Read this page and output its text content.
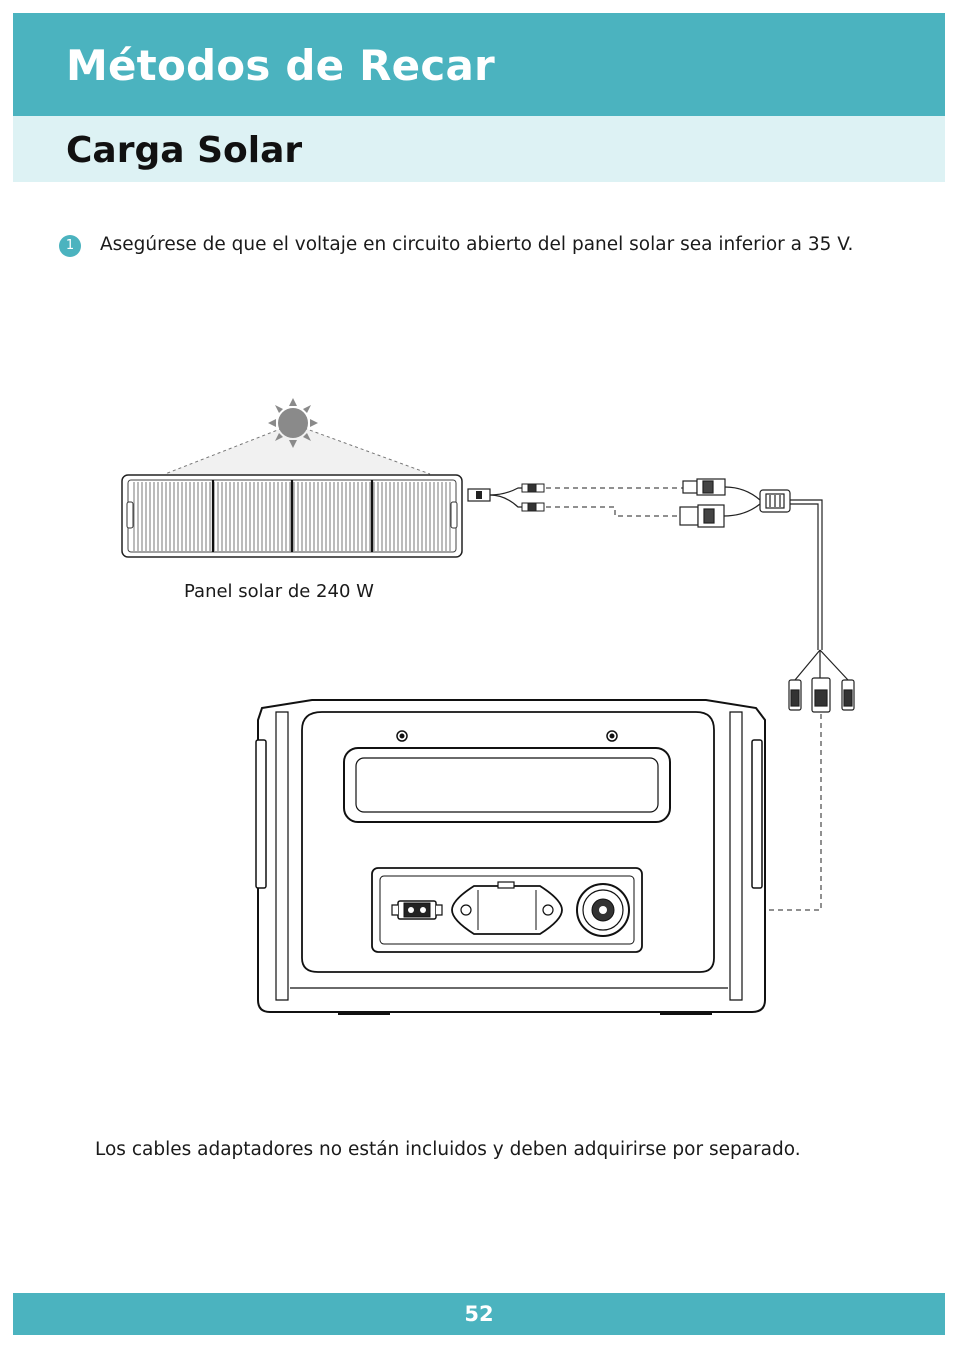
Métodos de Recar
Carga Solar
1	Asegúrese de que el voltaje en circuito abierto del panel solar sea inferior a 35 V.

Panel solar de 240 W

Los cables adaptadores no están incluidos y deben adquirirse por separado.

52
